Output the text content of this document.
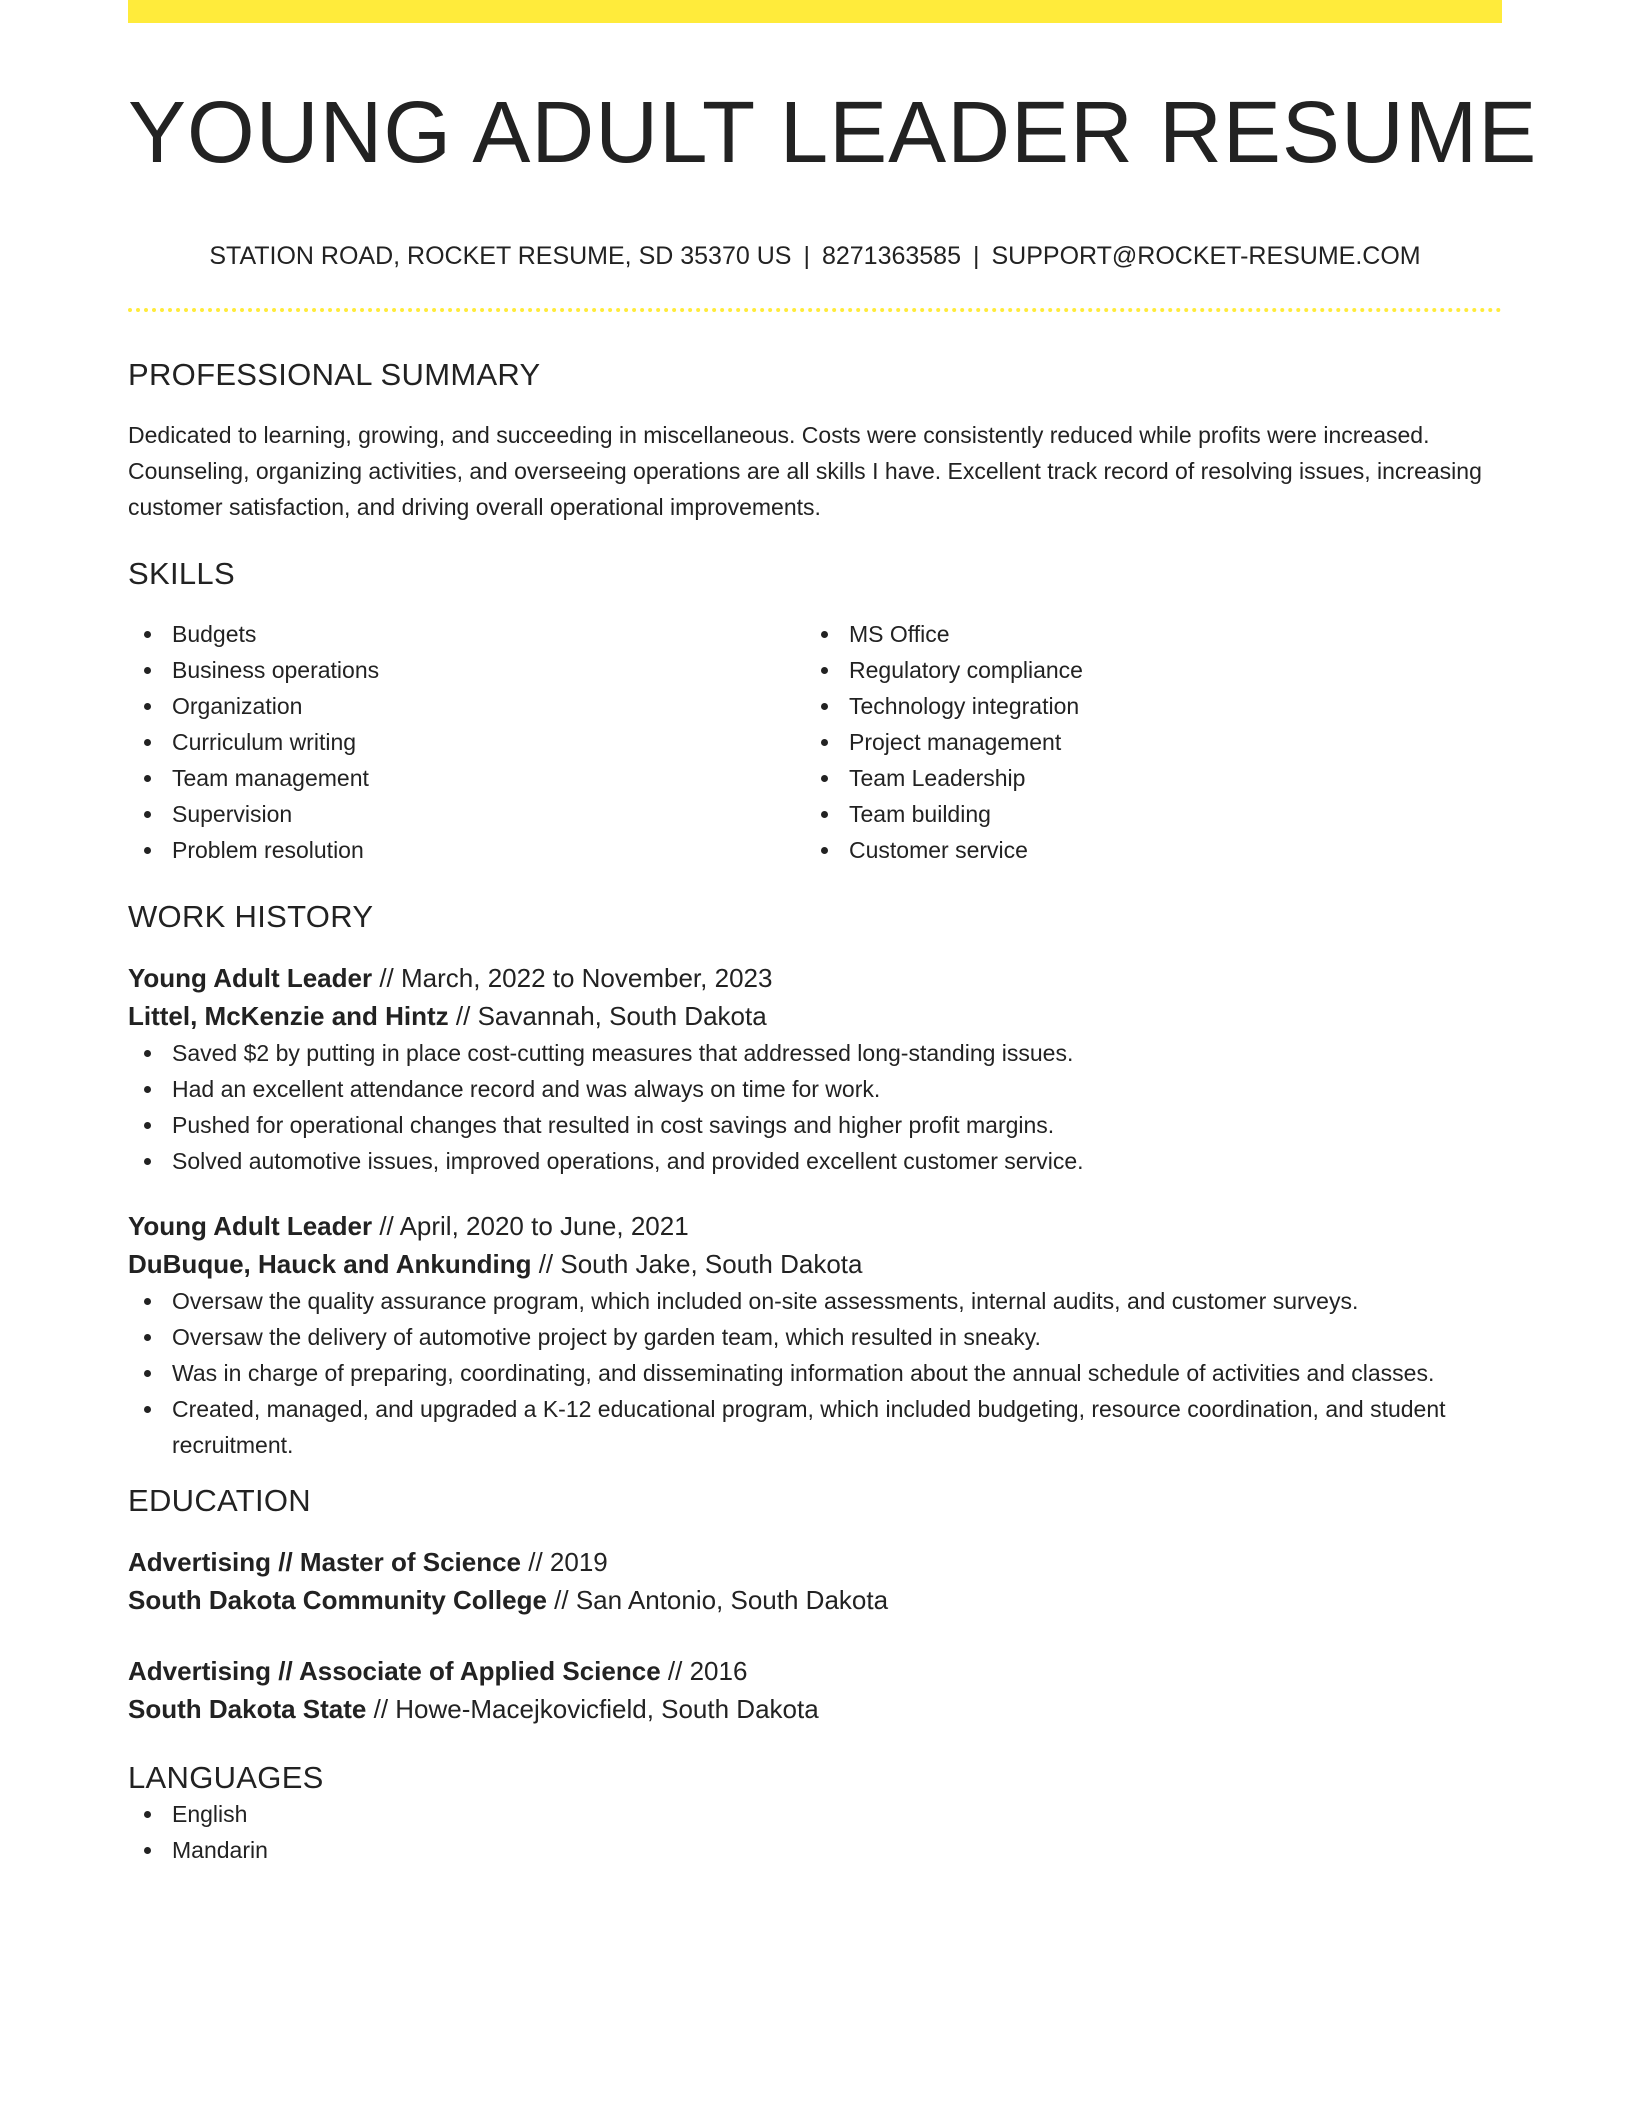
YOUNG ADULT LEADER RESUME
STATION ROAD, ROCKET RESUME, SD 35370 US | 8271363585 | SUPPORT@ROCKET-RESUME.COM
PROFESSIONAL SUMMARY

Dedicated to learning, growing, and succeeding in miscellaneous. Costs were consistently reduced while profits were increased. Counseling, organizing activities, and overseeing operations are all skills I have. Excellent track record of resolving issues, increasing customer satisfaction, and driving overall operational improvements.

SKILLS
Budgets
Business operations
Organization
Curriculum writing
Team management
Supervision
Problem resolution
MS Office
Regulatory compliance
Technology integration
Project management
Team Leadership
Team building
Customer service
WORK HISTORY
Young Adult Leader // March, 2022 to November, 2023
Littel, McKenzie and Hintz // Savannah, South Dakota
Saved $2 by putting in place cost-cutting measures that addressed long-standing issues.
Had an excellent attendance record and was always on time for work.
Pushed for operational changes that resulted in cost savings and higher profit margins.
Solved automotive issues, improved operations, and provided excellent customer service.
Young Adult Leader // April, 2020 to June, 2021
DuBuque, Hauck and Ankunding // South Jake, South Dakota
Oversaw the quality assurance program, which included on-site assessments, internal audits, and customer surveys.
Oversaw the delivery of automotive project by garden team, which resulted in sneaky.
Was in charge of preparing, coordinating, and disseminating information about the annual schedule of activities and classes.
Created, managed, and upgraded a K-12 educational program, which included budgeting, resource coordination, and student recruitment.
EDUCATION
Advertising // Master of Science // 2019
South Dakota Community College // San Antonio, South Dakota
Advertising // Associate of Applied Science // 2016
South Dakota State // Howe-Macejkovicfield, South Dakota
LANGUAGES
English
Mandarin
